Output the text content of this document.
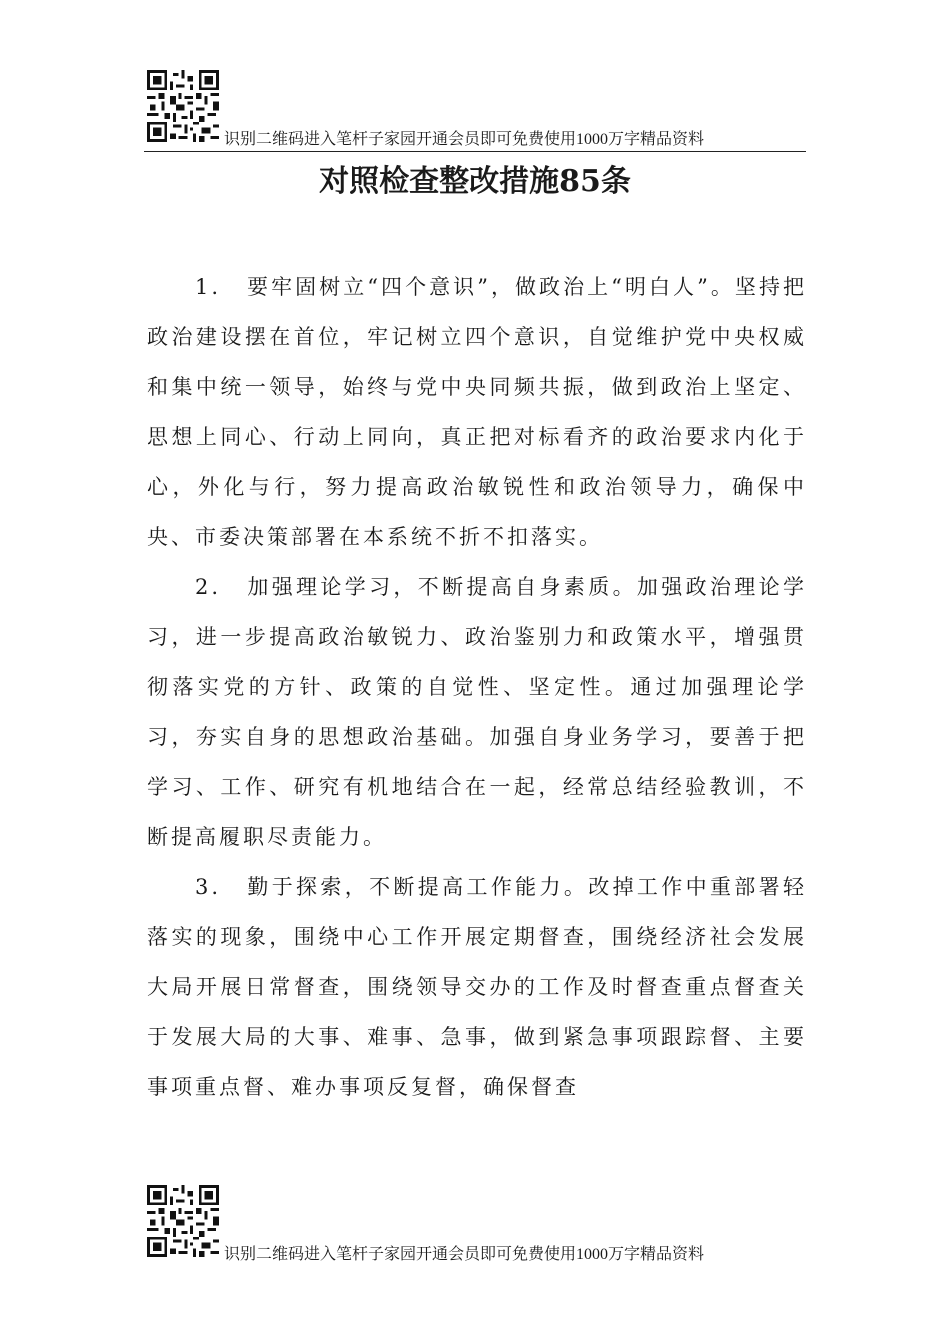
识别二维码进入笔杆子家园开通会员即可免费使用1000万字精品资料
对照检查整改措施85条

1. 要牢固树立“四个意识”，做政治上“明白人”。坚持把政治建设摆在首位，牢记树立四个意识，自觉维护党中央权威和集中统一领导，始终与党中央同频共振，做到政治上坚定、思想上同心、行动上同向，真正把对标看齐的政治要求内化于心，外化与行，努力提高政治敏锐性和政治领导力，确保中央、市委决策部署在本系统不折不扣落实。

2. 加强理论学习，不断提高自身素质。加强政治理论学习，进一步提高政治敏锐力、政治鉴别力和政策水平，增强贯彻落实党的方针、政策的自觉性、坚定性。通过加强理论学习，夯实自身的思想政治基础。加强自身业务学习，要善于把学习、工作、研究有机地结合在一起，经常总结经验教训，不断提高履职尽责能力。

3. 勤于探索，不断提高工作能力。改掉工作中重部署轻落实的现象，围绕中心工作开展定期督查，围绕经济社会发展大局开展日常督查，围绕领导交办的工作及时督查重点督查关于发展大局的大事、难事、急事，做到紧急事项跟踪督、主要事项重点督、难办事项反复督，确保督查

识别二维码进入笔杆子家园开通会员即可免费使用1000万字精品资料
